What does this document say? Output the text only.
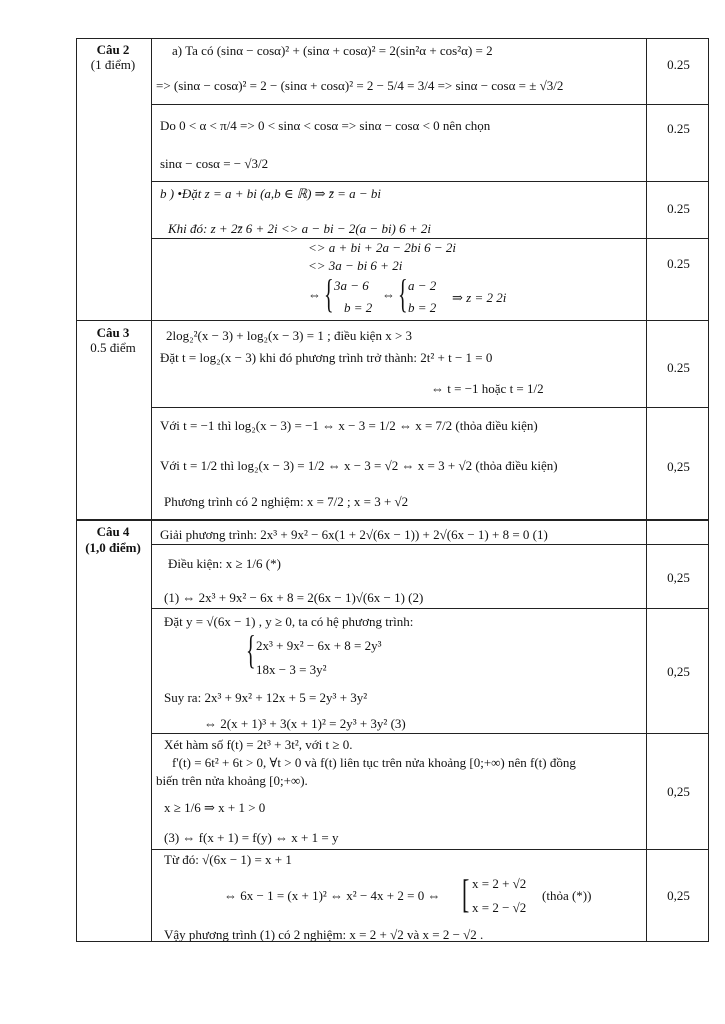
Câu 2
(1 điểm)
a) Ta có (sinα − cosα)² + (sinα + cosα)² = 2(sin²α + cos²α) = 2
=> (sinα − cosα)² = 2 − (sinα + cosα)² = 2 − 5/4 = 3/4 => sinα − cosα = ± √3/2
Do 0 < α < π/4 => 0 < sinα < cosα => sinα − cosα < 0 nên chọn
sinα − cosα = − √3/2
b ) •Đặt z = a + bi (a,b ∈ ℝ) ⇒ z̄ = a − bi
Khi đó: z + 2z̄ 6 + 2i <> a − bi − 2(a − bi) 6 + 2i
<> a + bi + 2a − 2bi 6 − 2i
<> 3a − bi 6 + 2i
⇔ { 3a − 6
b = 2
⇔ { a − 2
b = 2
⇒ z = 2 2i
0.25
0.25
0.25
0.25
Câu 3
0.5 điểm
2log₂²(x − 3) + log₂(x − 3) = 1 ; điều kiện x > 3
Đặt t = log₂(x − 3) khi đó phương trình trở thành: 2t² + t − 1 = 0
⇔ t = −1 hoặc t = 1/2
Với t = −1 thì log₂(x − 3) = −1 ⇔ x − 3 = 1/2 ⇔ x = 7/2 (thỏa điều kiện)
Với t = 1/2 thì log₂(x − 3) = 1/2 ⇔ x − 3 = √2 ⇔ x = 3 + √2 (thỏa điều kiện)
Phương trình có 2 nghiệm: x = 7/2 ; x = 3 + √2
0.25
0,25
Câu 4
(1,0 điểm)
Giải phương trình: 2x³ + 9x² − 6x(1 + 2√(6x − 1)) + 2√(6x − 1) + 8 = 0 (1)
Điều kiện: x ≥ 1/6 (*)
(1) ⇔ 2x³ + 9x² − 6x + 8 = 2(6x − 1)√(6x − 1) (2)
Đặt y = √(6x − 1) , y ≥ 0, ta có hệ phương trình:
{ 2x³ + 9x² − 6x + 8 = 2y³
18x − 3 = 3y²
Suy ra: 2x³ + 9x² + 12x + 5 = 2y³ + 3y²
⇔ 2(x + 1)³ + 3(x + 1)² = 2y³ + 3y² (3)
Xét hàm số f(t) = 2t³ + 3t², với t ≥ 0.
f'(t) = 6t² + 6t > 0, ∀t > 0 và f(t) liên tục trên nửa khoảng [0;+∞) nên f(t) đồng
biến trên nửa khoảng [0;+∞).
x ≥ 1/6 ⇒ x + 1 > 0
(3) ⇔ f(x + 1) = f(y) ⇔ x + 1 = y
Từ đó: √(6x − 1) = x + 1
⇔ 6x − 1 = (x + 1)² ⇔ x² − 4x + 2 = 0 ⇔ [ x = 2 + √2
x = 2 − √2
(thỏa (*))
Vậy phương trình (1) có 2 nghiệm: x = 2 + √2 và x = 2 − √2 .
0,25
0,25
0,25
0,25
